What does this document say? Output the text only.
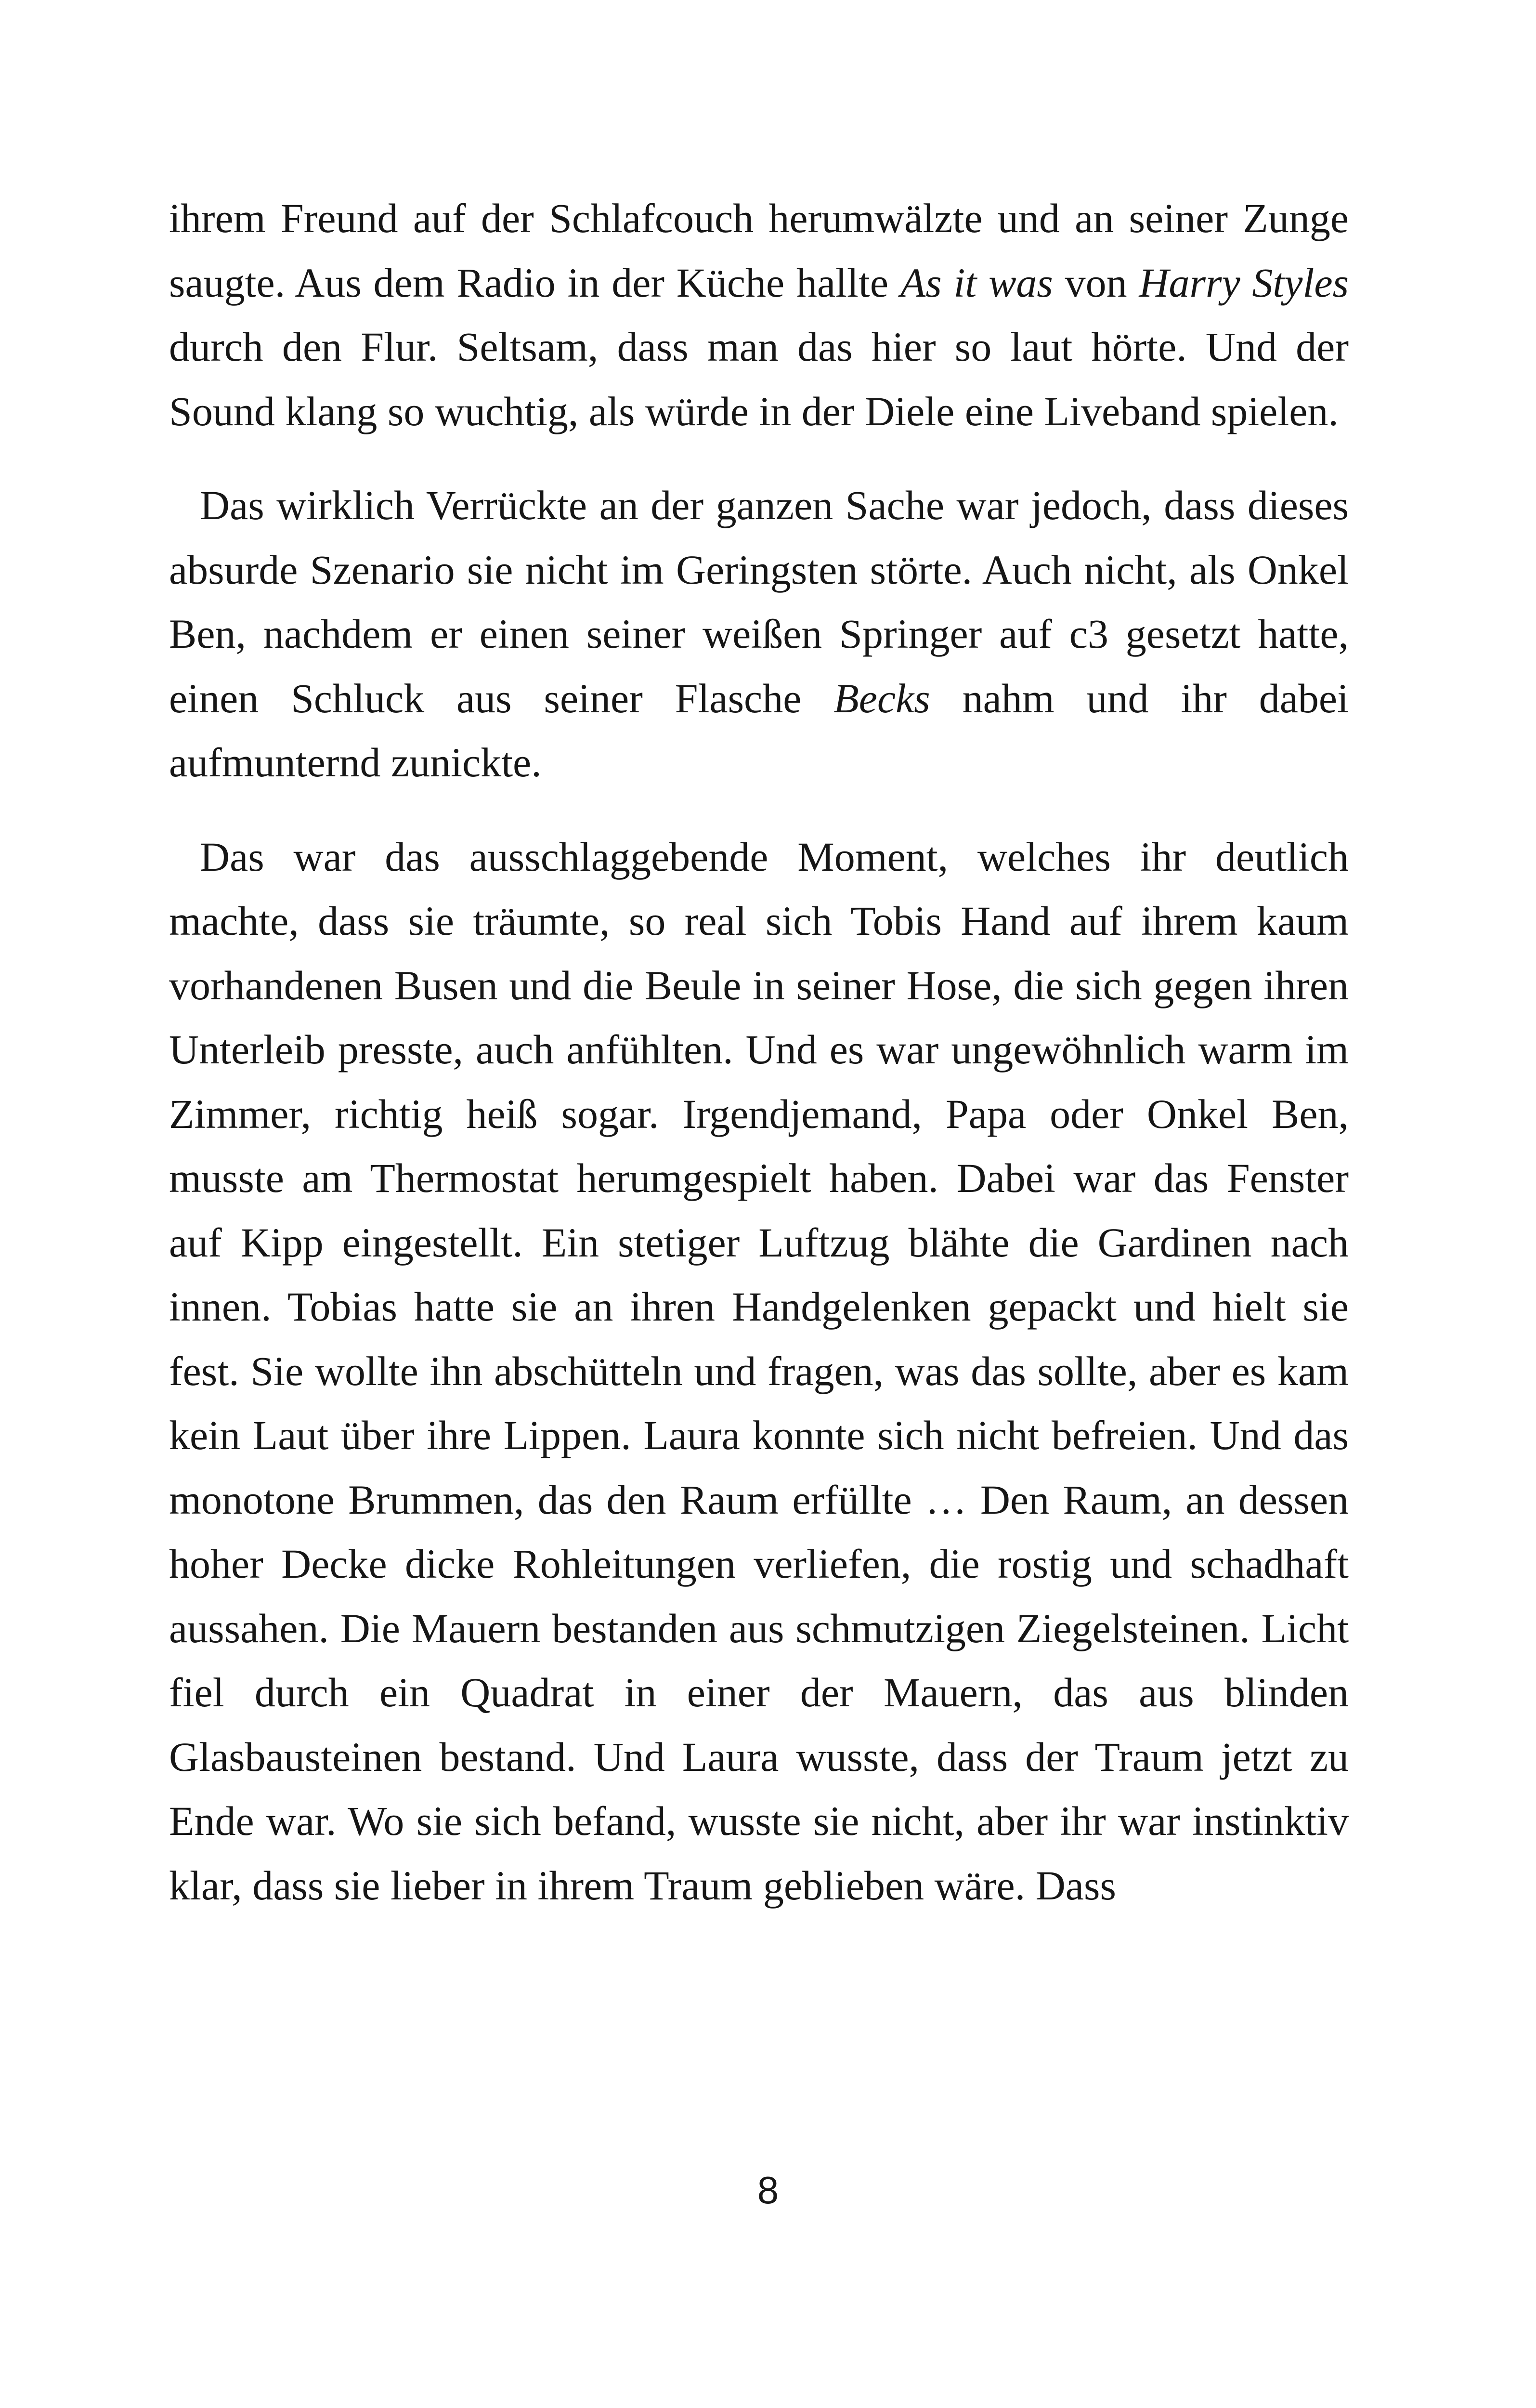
ihrem Freund auf der Schlafcouch herumwälzte und an seiner Zunge saugte. Aus dem Radio in der Küche hallte As it was von Harry Styles durch den Flur. Seltsam, dass man das hier so laut hörte. Und der Sound klang so wuchtig, als würde in der Diele eine Liveband spielen.

Das wirklich Verrückte an der ganzen Sache war jedoch, dass dieses absurde Szenario sie nicht im Geringsten störte. Auch nicht, als Onkel Ben, nachdem er einen seiner weißen Springer auf c3 gesetzt hatte, einen Schluck aus seiner Flasche Becks nahm und ihr dabei aufmunternd zunickte.

Das war das ausschlaggebende Moment, welches ihr deutlich machte, dass sie träumte, so real sich Tobis Hand auf ihrem kaum vorhandenen Busen und die Beule in seiner Hose, die sich gegen ihren Unterleib presste, auch anfühlten. Und es war ungewöhnlich warm im Zimmer, richtig heiß sogar. Irgendjemand, Papa oder Onkel Ben, musste am Thermostat herumgespielt haben. Dabei war das Fenster auf Kipp eingestellt. Ein stetiger Luftzug blähte die Gardinen nach innen. Tobias hatte sie an ihren Handgelenken gepackt und hielt sie fest. Sie wollte ihn abschütteln und fragen, was das sollte, aber es kam kein Laut über ihre Lippen. Laura konnte sich nicht befreien. Und das monotone Brummen, das den Raum erfüllte … Den Raum, an dessen hoher Decke dicke Rohleitungen verliefen, die rostig und schadhaft aussahen. Die Mauern bestanden aus schmutzigen Ziegelsteinen. Licht fiel durch ein Quadrat in einer der Mauern, das aus blinden Glasbausteinen bestand. Und Laura wusste, dass der Traum jetzt zu Ende war. Wo sie sich befand, wusste sie nicht, aber ihr war instinktiv klar, dass sie lieber in ihrem Traum geblieben wäre. Dass

8
